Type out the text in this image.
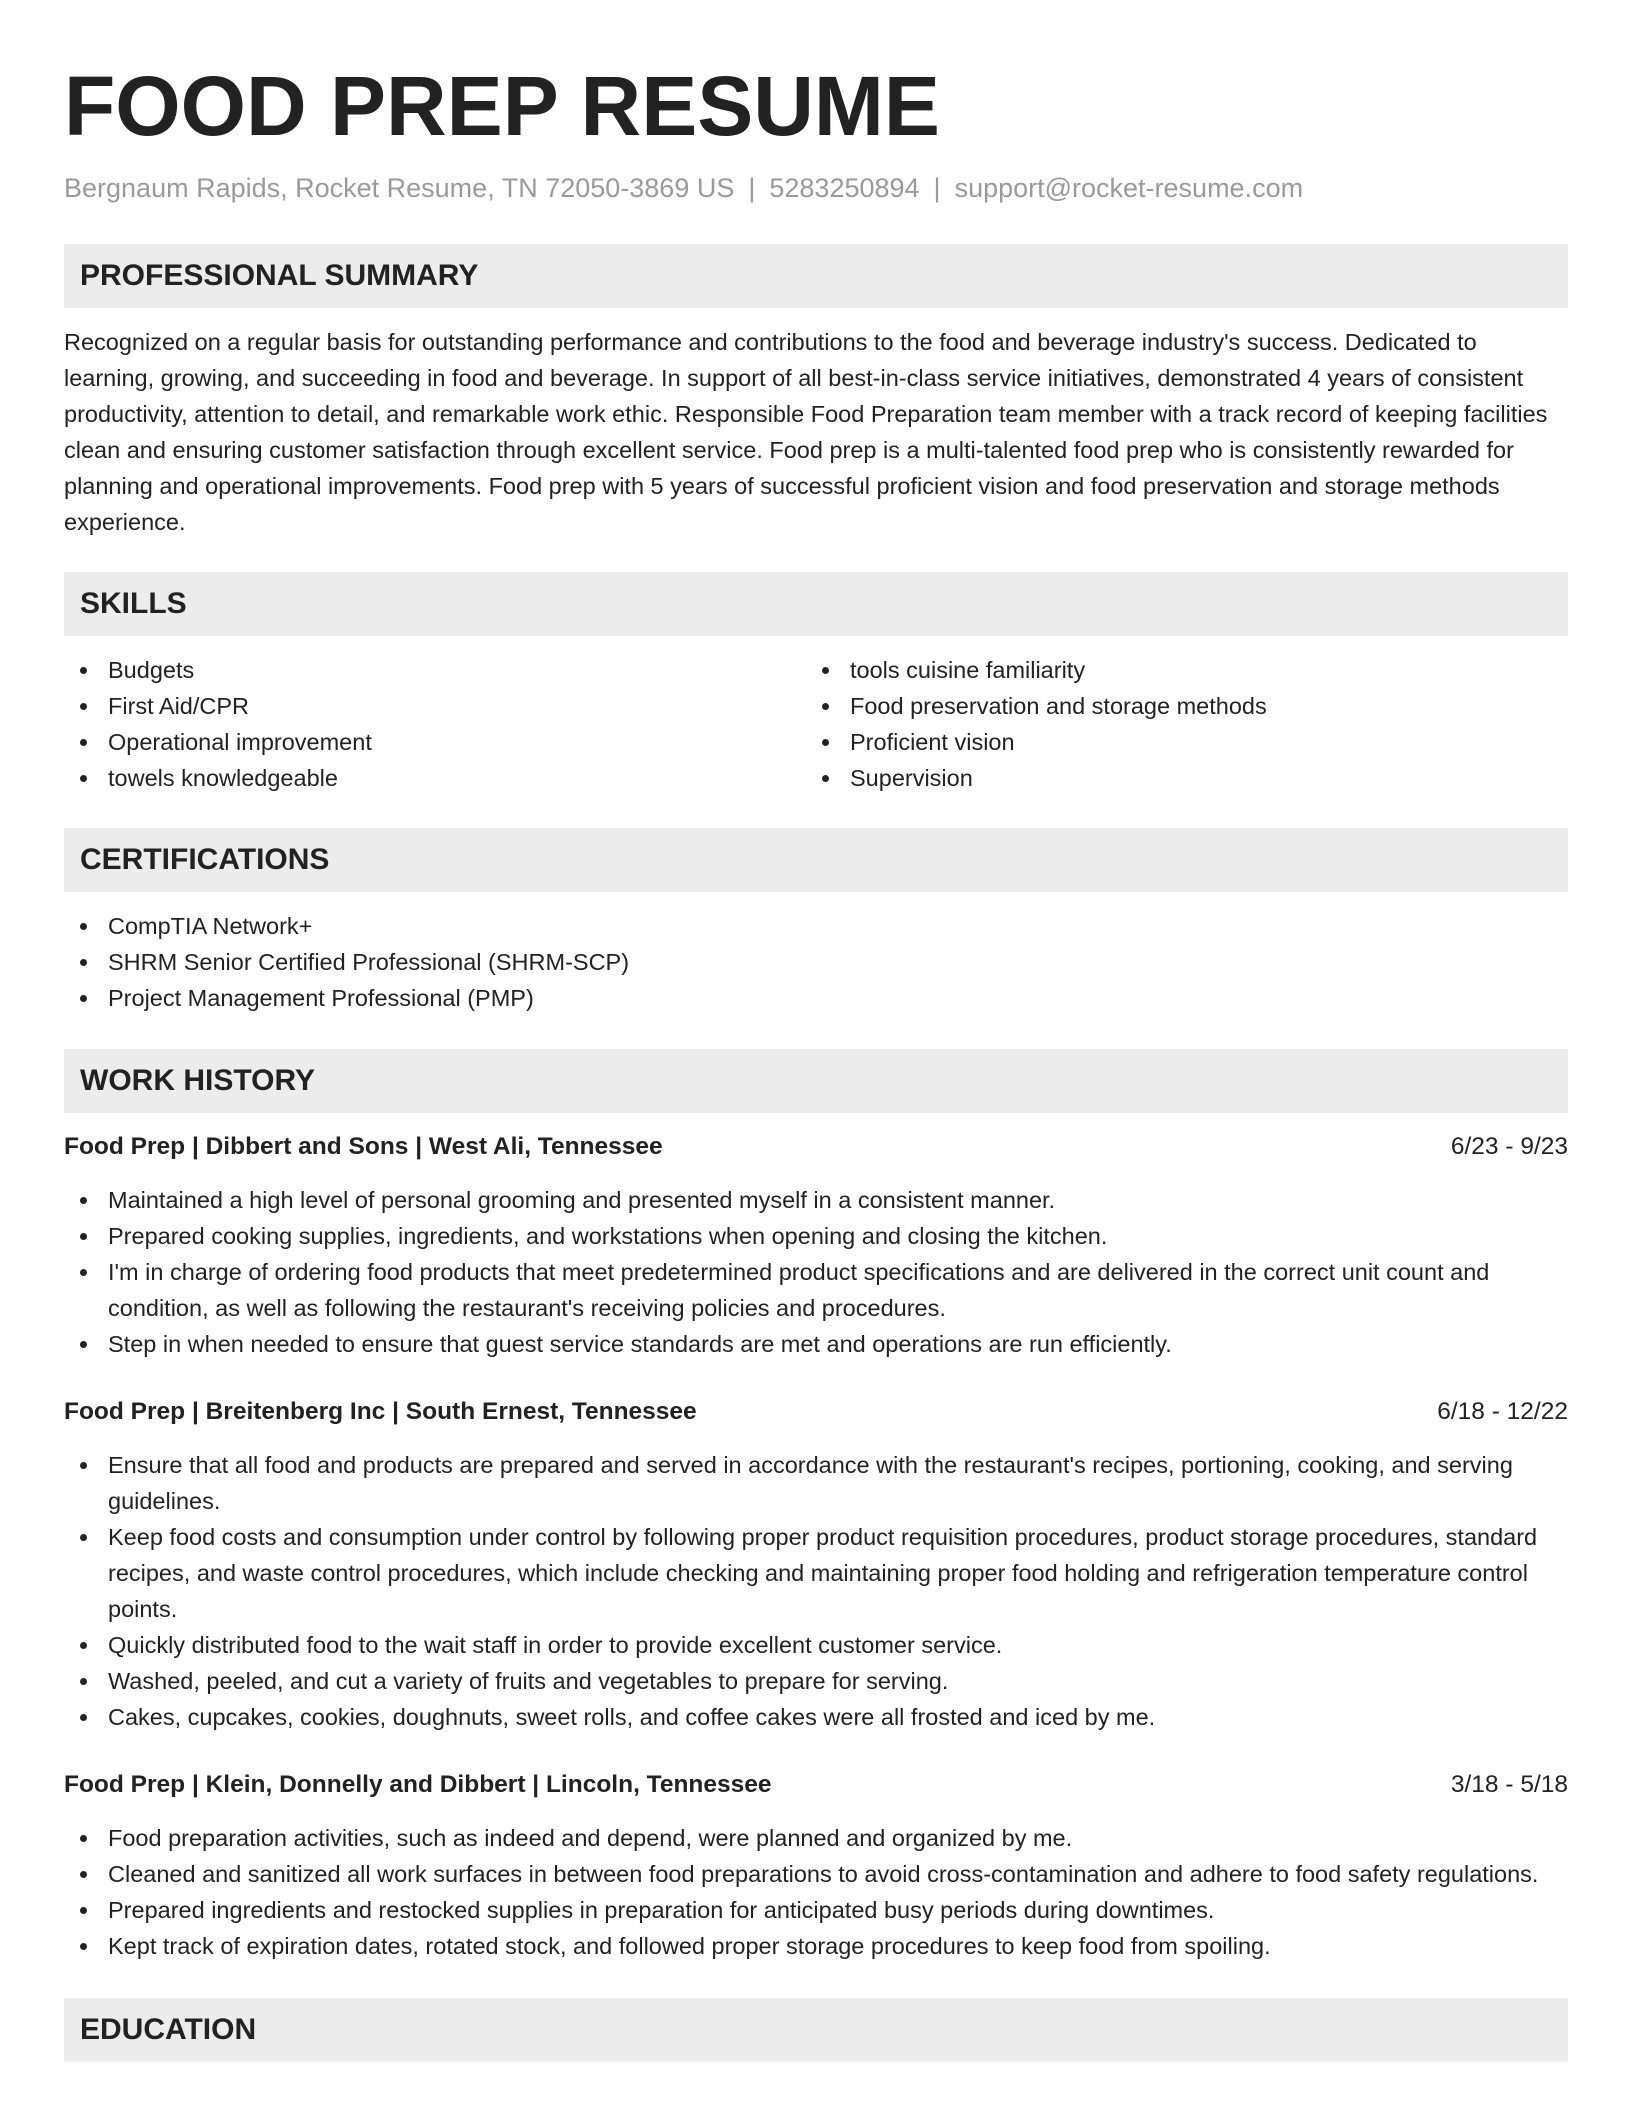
FOOD PREP RESUME
Bergnaum Rapids, Rocket Resume, TN 72050-3869 US | 5283250894 | support@rocket-resume.com
PROFESSIONAL SUMMARY

Recognized on a regular basis for outstanding performance and contributions to the food and beverage industry's success. Dedicated to learning, growing, and succeeding in food and beverage. In support of all best-in-class service initiatives, demonstrated 4 years of consistent productivity, attention to detail, and remarkable work ethic. Responsible Food Preparation team member with a track record of keeping facilities clean and ensuring customer satisfaction through excellent service. Food prep is a multi-talented food prep who is consistently rewarded for planning and operational improvements. Food prep with 5 years of successful proficient vision and food preservation and storage methods experience.

SKILLS
Budgets
First Aid/CPR
Operational improvement
towels knowledgeable
tools cuisine familiarity
Food preservation and storage methods
Proficient vision
Supervision
CERTIFICATIONS
CompTIA Network+
SHRM Senior Certified Professional (SHRM-SCP)
Project Management Professional (PMP)
WORK HISTORY
Food Prep | Dibbert and Sons | West Ali, Tennessee	6/23 - 9/23
Maintained a high level of personal grooming and presented myself in a consistent manner.
Prepared cooking supplies, ingredients, and workstations when opening and closing the kitchen.
I'm in charge of ordering food products that meet predetermined product specifications and are delivered in the correct unit count and condition, as well as following the restaurant's receiving policies and procedures.
Step in when needed to ensure that guest service standards are met and operations are run efficiently.
Food Prep | Breitenberg Inc | South Ernest, Tennessee	6/18 - 12/22
Ensure that all food and products are prepared and served in accordance with the restaurant's recipes, portioning, cooking, and serving guidelines.
Keep food costs and consumption under control by following proper product requisition procedures, product storage procedures, standard recipes, and waste control procedures, which include checking and maintaining proper food holding and refrigeration temperature control points.
Quickly distributed food to the wait staff in order to provide excellent customer service.
Washed, peeled, and cut a variety of fruits and vegetables to prepare for serving.
Cakes, cupcakes, cookies, doughnuts, sweet rolls, and coffee cakes were all frosted and iced by me.
Food Prep | Klein, Donnelly and Dibbert | Lincoln, Tennessee	3/18 - 5/18
Food preparation activities, such as indeed and depend, were planned and organized by me.
Cleaned and sanitized all work surfaces in between food preparations to avoid cross-contamination and adhere to food safety regulations.
Prepared ingredients and restocked supplies in preparation for anticipated busy periods during downtimes.
Kept track of expiration dates, rotated stock, and followed proper storage procedures to keep food from spoiling.
EDUCATION
